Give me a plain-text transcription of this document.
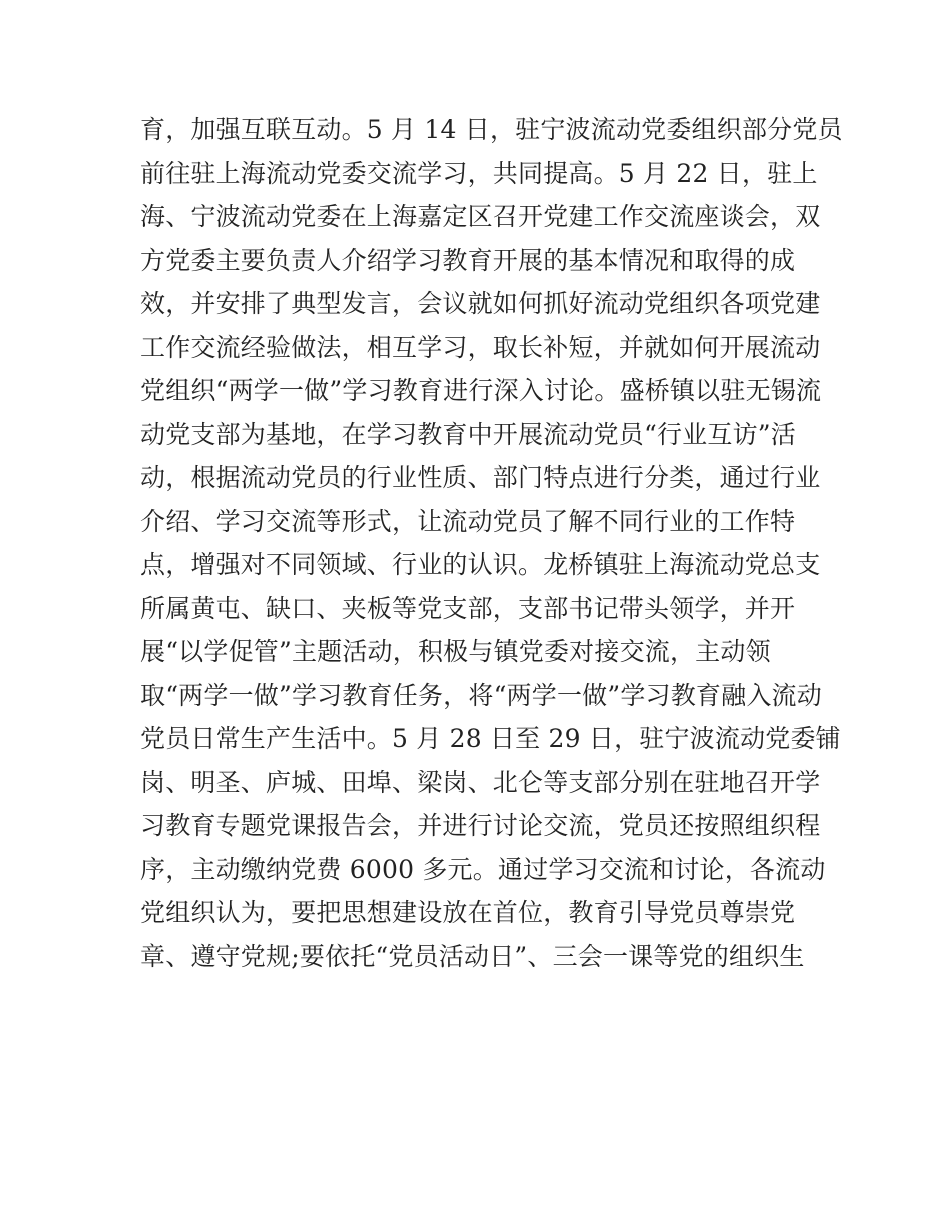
育，加强互联互动。5 月 14 日，驻宁波流动党委组织部分党员
前往驻上海流动党委交流学习，共同提高。5 月 22 日，驻上
海、宁波流动党委在上海嘉定区召开党建工作交流座谈会，双
方党委主要负责人介绍学习教育开展的基本情况和取得的成
效，并安排了典型发言，会议就如何抓好流动党组织各项党建
工作交流经验做法，相互学习，取长补短，并就如何开展流动
党组织“两学一做”学习教育进行深入讨论。盛桥镇以驻无锡流
动党支部为基地，在学习教育中开展流动党员“行业互访”活
动，根据流动党员的行业性质、部门特点进行分类，通过行业
介绍、学习交流等形式，让流动党员了解不同行业的工作特
点，增强对不同领域、行业的认识。龙桥镇驻上海流动党总支
所属黄屯、缺口、夹板等党支部，支部书记带头领学，并开
展“以学促管”主题活动，积极与镇党委对接交流，主动领
取“两学一做”学习教育任务，将“两学一做”学习教育融入流动
党员日常生产生活中。5 月 28 日至 29 日，驻宁波流动党委铺
岗、明圣、庐城、田埠、梁岗、北仑等支部分别在驻地召开学
习教育专题党课报告会，并进行讨论交流，党员还按照组织程
序，主动缴纳党费 6000 多元。通过学习交流和讨论，各流动
党组织认为，要把思想建设放在首位，教育引导党员尊崇党
章、遵守党规;要依托“党员活动日”、三会一课等党的组织生
